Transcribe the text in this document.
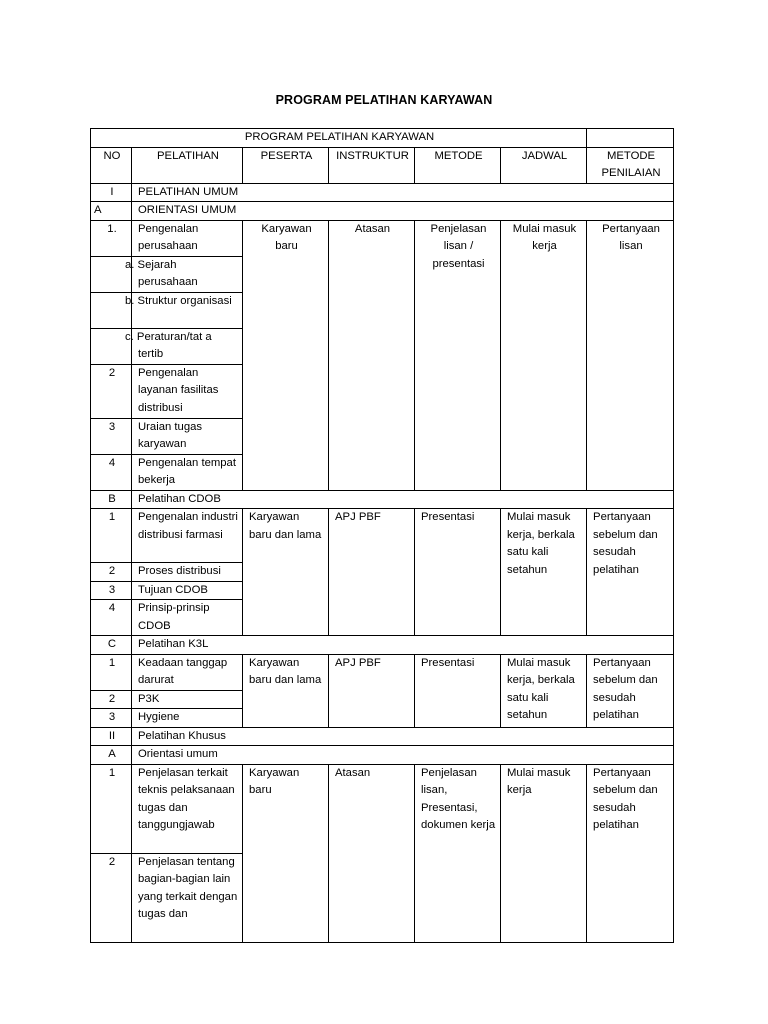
PROGRAM PELATIHAN KARYAWAN
PROGRAM PELATIHAN KARYAWAN						
NO	PELATIHAN	PESERTA	INSTRUKTUR	METODE	JADWAL	METODE PENILAIAN
I	PELATIHAN UMUM					
A	ORIENTASI UMUM					
1.	Pengenalan perusahaan	Karyawan baru	Atasan	Penjelasan lisan / presentasi	Mulai masuk kerja	Pertanyaan lisan
	a. Sejarah perusahaan					
	b. Struktur organisasi					
	c. Peraturan/tat a tertib					
2	Pengenalan layanan fasilitas distribusi					
3	Uraian tugas karyawan					
4	Pengenalan tempat bekerja					
B	Pelatihan CDOB					
1	Pengenalan industri distribusi farmasi	Karyawan baru dan lama	APJ PBF	Presentasi	Mulai masuk kerja, berkala satu kali setahun	Pertanyaan sebelum dan sesudah pelatihan
2	Proses distribusi					
3	Tujuan CDOB					
4	Prinsip-prinsip CDOB					
C	Pelatihan K3L					
1	Keadaan tanggap darurat	Karyawan baru dan lama	APJ PBF	Presentasi	Mulai masuk kerja, berkala satu kali setahun	Pertanyaan sebelum dan sesudah pelatihan
2	P3K					
3	Hygiene					
II	Pelatihan Khusus					
A	Orientasi umum					
1	Penjelasan terkait teknis pelaksanaan tugas dan tanggungjawab	Karyawan baru	Atasan	Penjelasan lisan, Presentasi, dokumen kerja	Mulai masuk kerja	Pertanyaan sebelum dan sesudah pelatihan
2	Penjelasan tentang bagian-bagian lain yang terkait dengan tugas dan					
